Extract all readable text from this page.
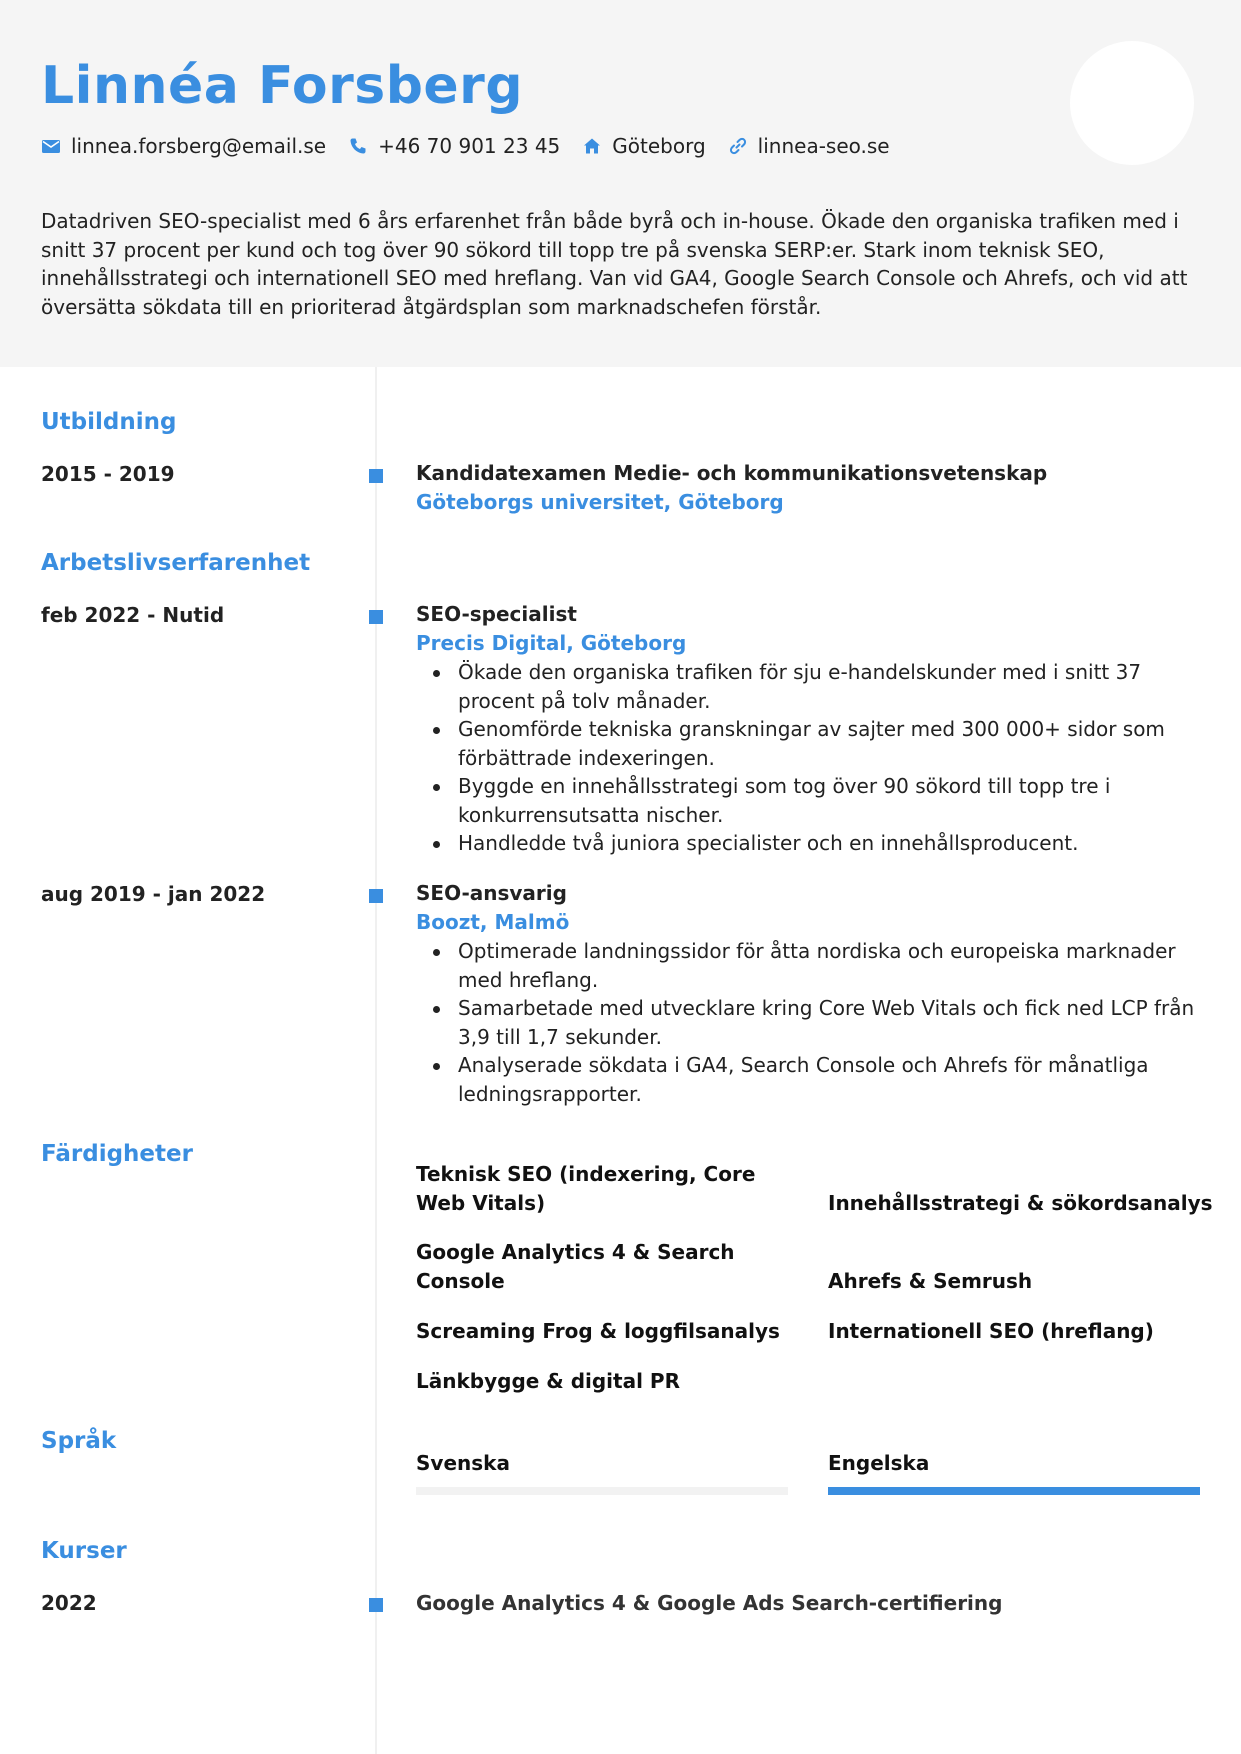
Linnéa Forsberg
linnea.forsberg@email.se	+46 70 901 23 45	Göteborg	linnea-seo.se
Datadriven SEO-specialist med 6 års erfarenhet från både byrå och in-house. Ökade den organiska trafiken med i snitt 37 procent per kund och tog över 90 sökord till topp tre på svenska SERP:er. Stark inom teknisk SEO, innehållsstrategi och internationell SEO med hreflang. Van vid GA4, Google Search Console och Ahrefs, och vid att översätta sökdata till en prioriterad åtgärdsplan som marknadschefen förstår.
Utbildning
2015 - 2019	Kandidatexamen Medie- och kommunikationsvetenskap
Göteborgs universitet, Göteborg
Arbetslivserfarenhet
feb 2022 - Nutid	SEO-specialist
Precis Digital, Göteborg
Ökade den organiska trafiken för sju e-handelskunder med i snitt 37 procent på tolv månader.
Genomförde tekniska granskningar av sajter med 300 000+ sidor som förbättrade indexeringen.
Byggde en innehållsstrategi som tog över 90 sökord till topp tre i konkurrensutsatta nischer.
Handledde två juniora specialister och en innehållsproducent.
aug 2019 - jan 2022	SEO-ansvarig
Boozt, Malmö
Optimerade landningssidor för åtta nordiska och europeiska marknader med hreflang.
Samarbetade med utvecklare kring Core Web Vitals och fick ned LCP från 3,9 till 1,7 sekunder.
Analyserade sökdata i GA4, Search Console och Ahrefs för månatliga ledningsrapporter.
Färdigheter
Teknisk SEO (indexering, Core Web Vitals)	Innehållsstrategi & sökordsanalys
Google Analytics 4 & Search Console	Ahrefs & Semrush
Screaming Frog & loggfilsanalys	Internationell SEO (hreflang)
Länkbygge & digital PR
Språk
Svenska	Engelska
Kurser
2022	Google Analytics 4 & Google Ads Search-certifiering
